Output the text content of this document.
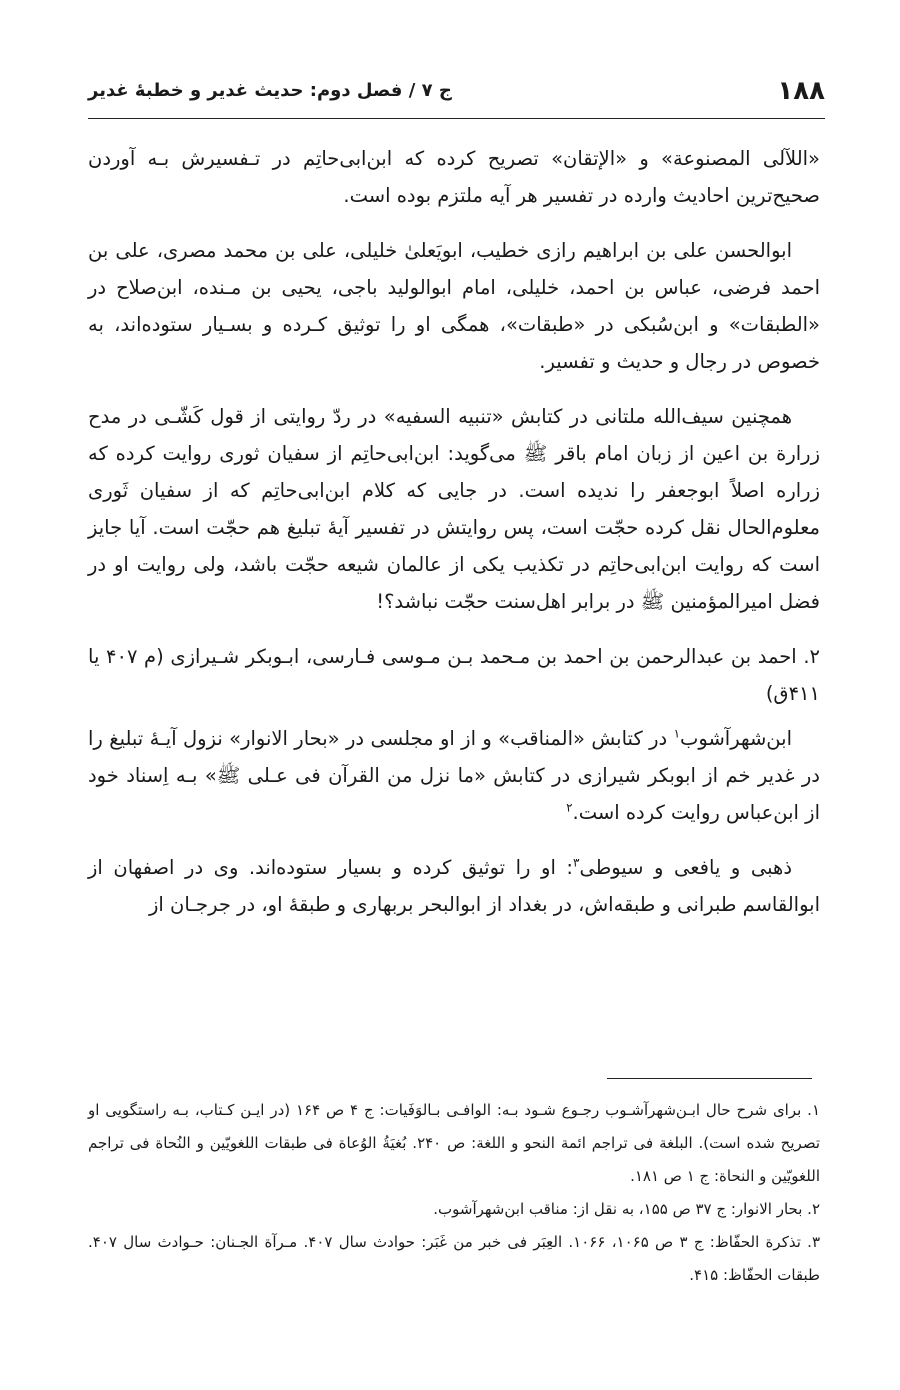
۱۸۸
ج ۷ / فصل دوم: حدیث غدیر و خطبهٔ غدیر

«اللآلی المصنوعة» و «الإتقان» تصریح کرده که ابن‌ابی‌حاتِم در تـفسیرش بـه آوردن صحیح‌ترین احادیث وارده در تفسیر هر آیه ملتزم بوده است.

ابوالحسن علی بن ابراهیم رازی خطیب، ابویَعلیٰ خلیلی، علی بن محمد مصری، علی بن احمد فرضی، عباس بن احمد، خلیلی، امام ابوالولید باجی، یحیی بن مـنده، ابن‌صلاح در «الطبقات» و ابن‌سُبکی در «طبقات»، همگی او را توثیق کـرده و بسـیار ستوده‌اند، به خصوص در رجال و حدیث و تفسیر.

همچنین سیف‌الله ملتانی در کتابش «تنبیه السفیه» در ردّ روایتی از قول کَشّـی در مدح زرارة بن اعین از زبان امام باقر ﷺ می‌گوید: ابن‌ابی‌حاتِم از سفیان ثوری روایت کرده که زراره اصلاً ابوجعفر را ندیده است. در جایی که کلام ابن‌ابی‌حاتِم که از سفیان ثَوری معلوم‌الحال نقل کرده حجّت است، پس روایتش در تفسیر آیهٔ تبلیغ هم حجّت است. آیا جایز است که روایت ابن‌ابی‌حاتِم در تکذیب یکی از عالمان شیعه حجّت باشد، ولی روایت او در فضل امیرالمؤمنین ﷺ در برابر اهل‌سنت حجّت نباشد؟!

۲. احمد بن عبدالرحمن بن احمد بن مـحمد بـن مـوسی فـارسی، ابـوبکر شـیرازی (م ۴۰۷ یا ۴۱۱ق)

ابن‌شهرآشوب$^۱$ در کتابش «المناقب» و از او مجلسی در «بحار الانوار» نزول آیـهٔ تبلیغ را در غدیر خم از ابوبکر شیرازی در کتابش «ما نزل من القرآن فی عـلی ﷺ» بـه اِسناد خود از ابن‌عباس روایت کرده است.$^۲$

ذهبی و یافعی و سیوطی$^۳$: او را توثیق کرده و بسیار ستوده‌اند. وی در اصفهان از ابوالقاسم طبرانی و طبقه‌اش، در بغداد از ابوالبحر بربهاری و طبقهٔ او، در جرجـان از

۱. برای شرح حال ابـن‌شهرآشـوب رجـوع شـود بـه: الوافـی بـالوَفَیات: ج ۴ ص ۱۶۴ (در ایـن کـتاب، بـه راستگویی او تصریح شده است). البلغة فی تراجم ائمة النحو و اللغة: ص ۲۴۰. بُغیَةُ الوُعاة فی طبقات اللغویّین و النُحاة فی تراجم اللغویّین و النحاة: ج ۱ ص ۱۸۱.

۲. بحار الانوار: ج ۳۷ ص ۱۵۵، به نقل از: مناقب ابن‌شهرآشوب.

۳. تذکرة الحفّاظ: ج ۳ ص ۱۰۶۵، ۱۰۶۶. العِبَر فی خبر من غَبَر: حوادث سال ۴۰۷. مـرآة الجـنان: حـوادث سال ۴۰۷. طبقات الحفّاظ: ۴۱۵.
